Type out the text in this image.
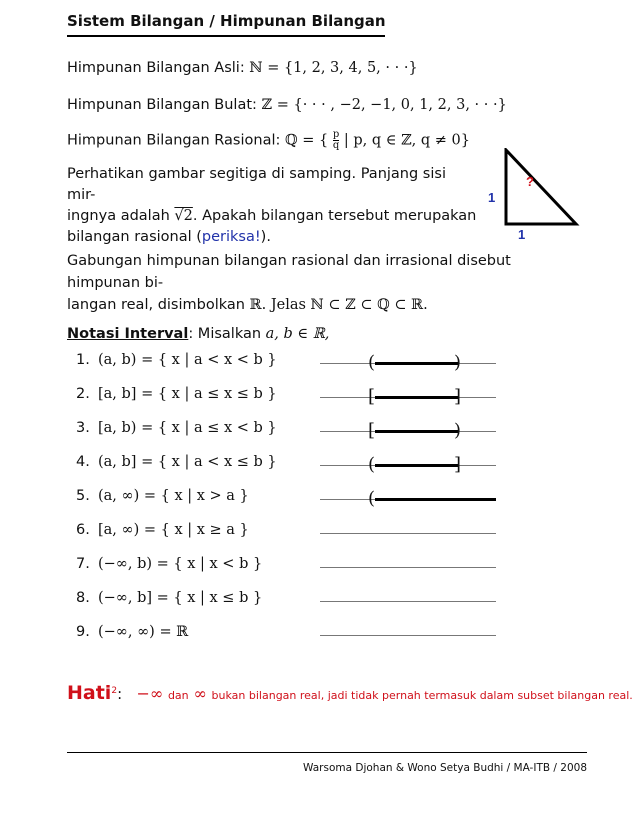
Sistem Bilangan / Himpunan Bilangan
Himpunan Bilangan Asli: ℕ = {1, 2, 3, 4, 5, · · ·}
Himpunan Bilangan Bulat: ℤ = {· · · , −2, −1, 0, 1, 2, 3, · · ·}
Himpunan Bilangan Rasional: ℚ = { $\frac{p}{q}$ | p, q ∈ ℤ, q ≠ 0}
Perhatikan gambar segitiga di samping. Panjang sisi mir-
ingnya adalah √2. Apakah bilangan tersebut merupakan
bilangan rasional (periksa!).
1
1
?
Gabungan himpunan bilangan rasional dan irrasional disebut himpunan bi-
langan real, disimbolkan ℝ. Jelas ℕ ⊂ ℤ ⊂ ℚ ⊂ ℝ.
Notasi Interval: Misalkan a, b ∈ ℝ,
1. (a, b) = { x | a < x < b }	(	)
2. [a, b] = { x | a ≤ x ≤ b }	[	]
3. [a, b) = { x | a ≤ x < b }	[	)
4. (a, b] = { x | a < x ≤ b }	(	]
5. (a, ∞) = { x | x > a }	(
6. [a, ∞) = { x | x ≥ a }
7. (−∞, b) = { x | x < b }
8. (−∞, b] = { x | x ≤ b }
9. (−∞, ∞) = ℝ
Hati$^2$: −∞ dan ∞ bukan bilangan real, jadi tidak pernah termasuk dalam subset bilangan real.
Warsoma Djohan & Wono Setya Budhi / MA-ITB / 2008
